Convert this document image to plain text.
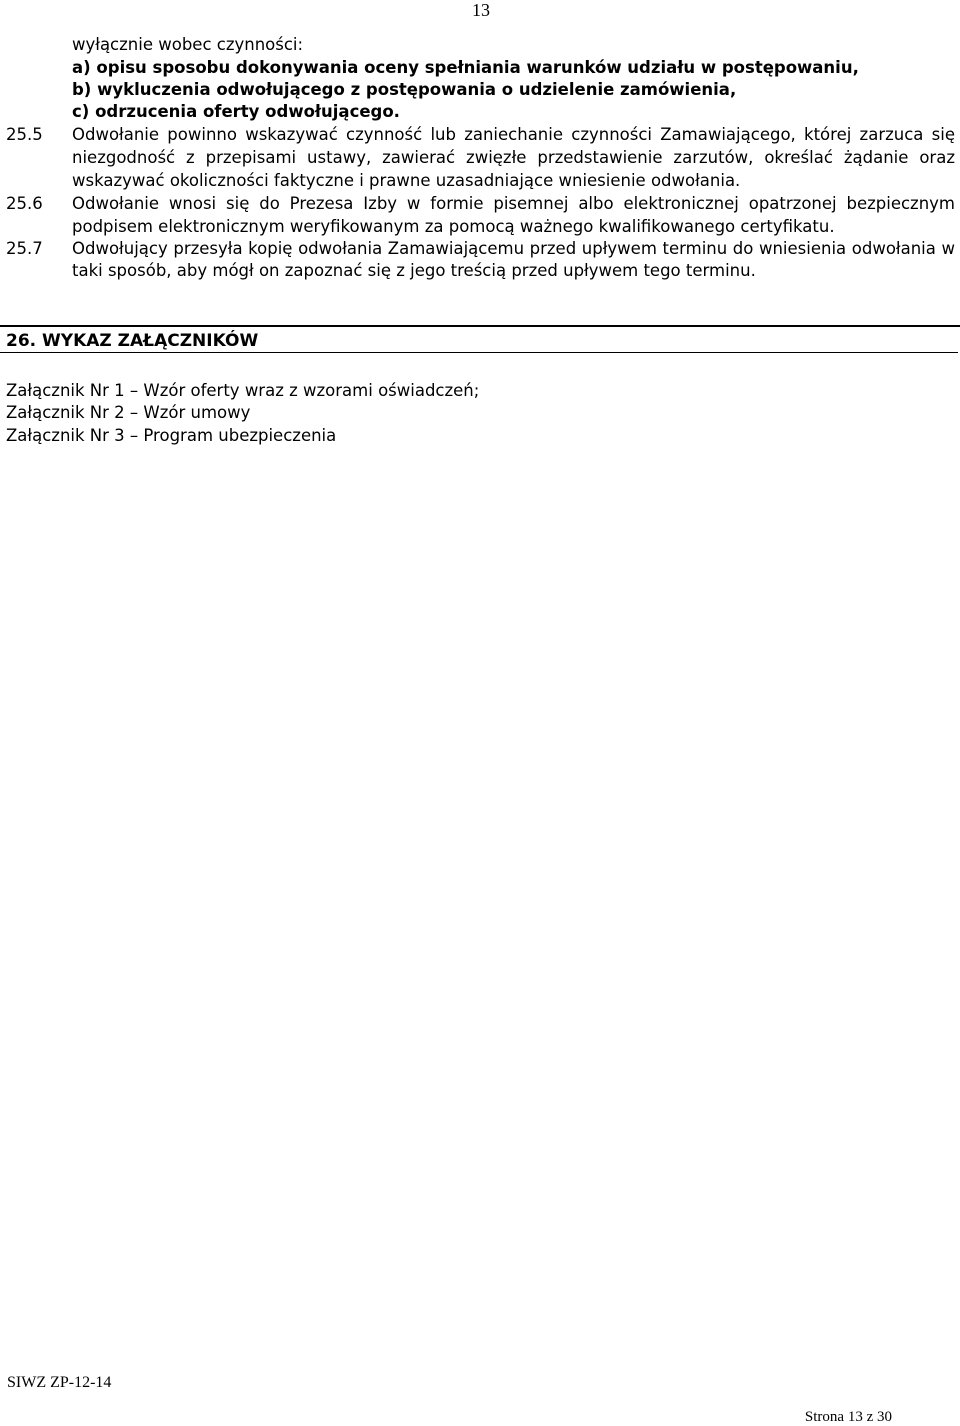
13
wyłącznie wobec czynności:
a) opisu sposobu dokonywania oceny spełniania warunków udziału w postępowaniu,
b) wykluczenia odwołującego z postępowania o udzielenie zamówienia,
c) odrzucenia oferty odwołującego.
25.5 Odwołanie powinno wskazywać czynność lub zaniechanie czynności Zamawiającego, której zarzuca się
niezgodność z przepisami ustawy, zawierać zwięzłe przedstawienie zarzutów, określać żądanie oraz
wskazywać okoliczności faktyczne i prawne uzasadniające wniesienie odwołania.
25.6 Odwołanie wnosi się do Prezesa Izby w formie pisemnej albo elektronicznej opatrzonej bezpiecznym
podpisem elektronicznym weryfikowanym za pomocą ważnego kwalifikowanego certyfikatu.
25.7 Odwołujący przesyła kopię odwołania Zamawiającemu przed upływem terminu do wniesienia odwołania w
taki sposób, aby mógł on zapoznać się z jego treścią przed upływem tego terminu.
26. WYKAZ ZAŁĄCZNIKÓW
Załącznik Nr 1 – Wzór oferty wraz z wzorami oświadczeń;
Załącznik Nr 2 – Wzór umowy
Załącznik Nr 3 – Program ubezpieczenia
SIWZ ZP-12-14
Strona 13 z 30
